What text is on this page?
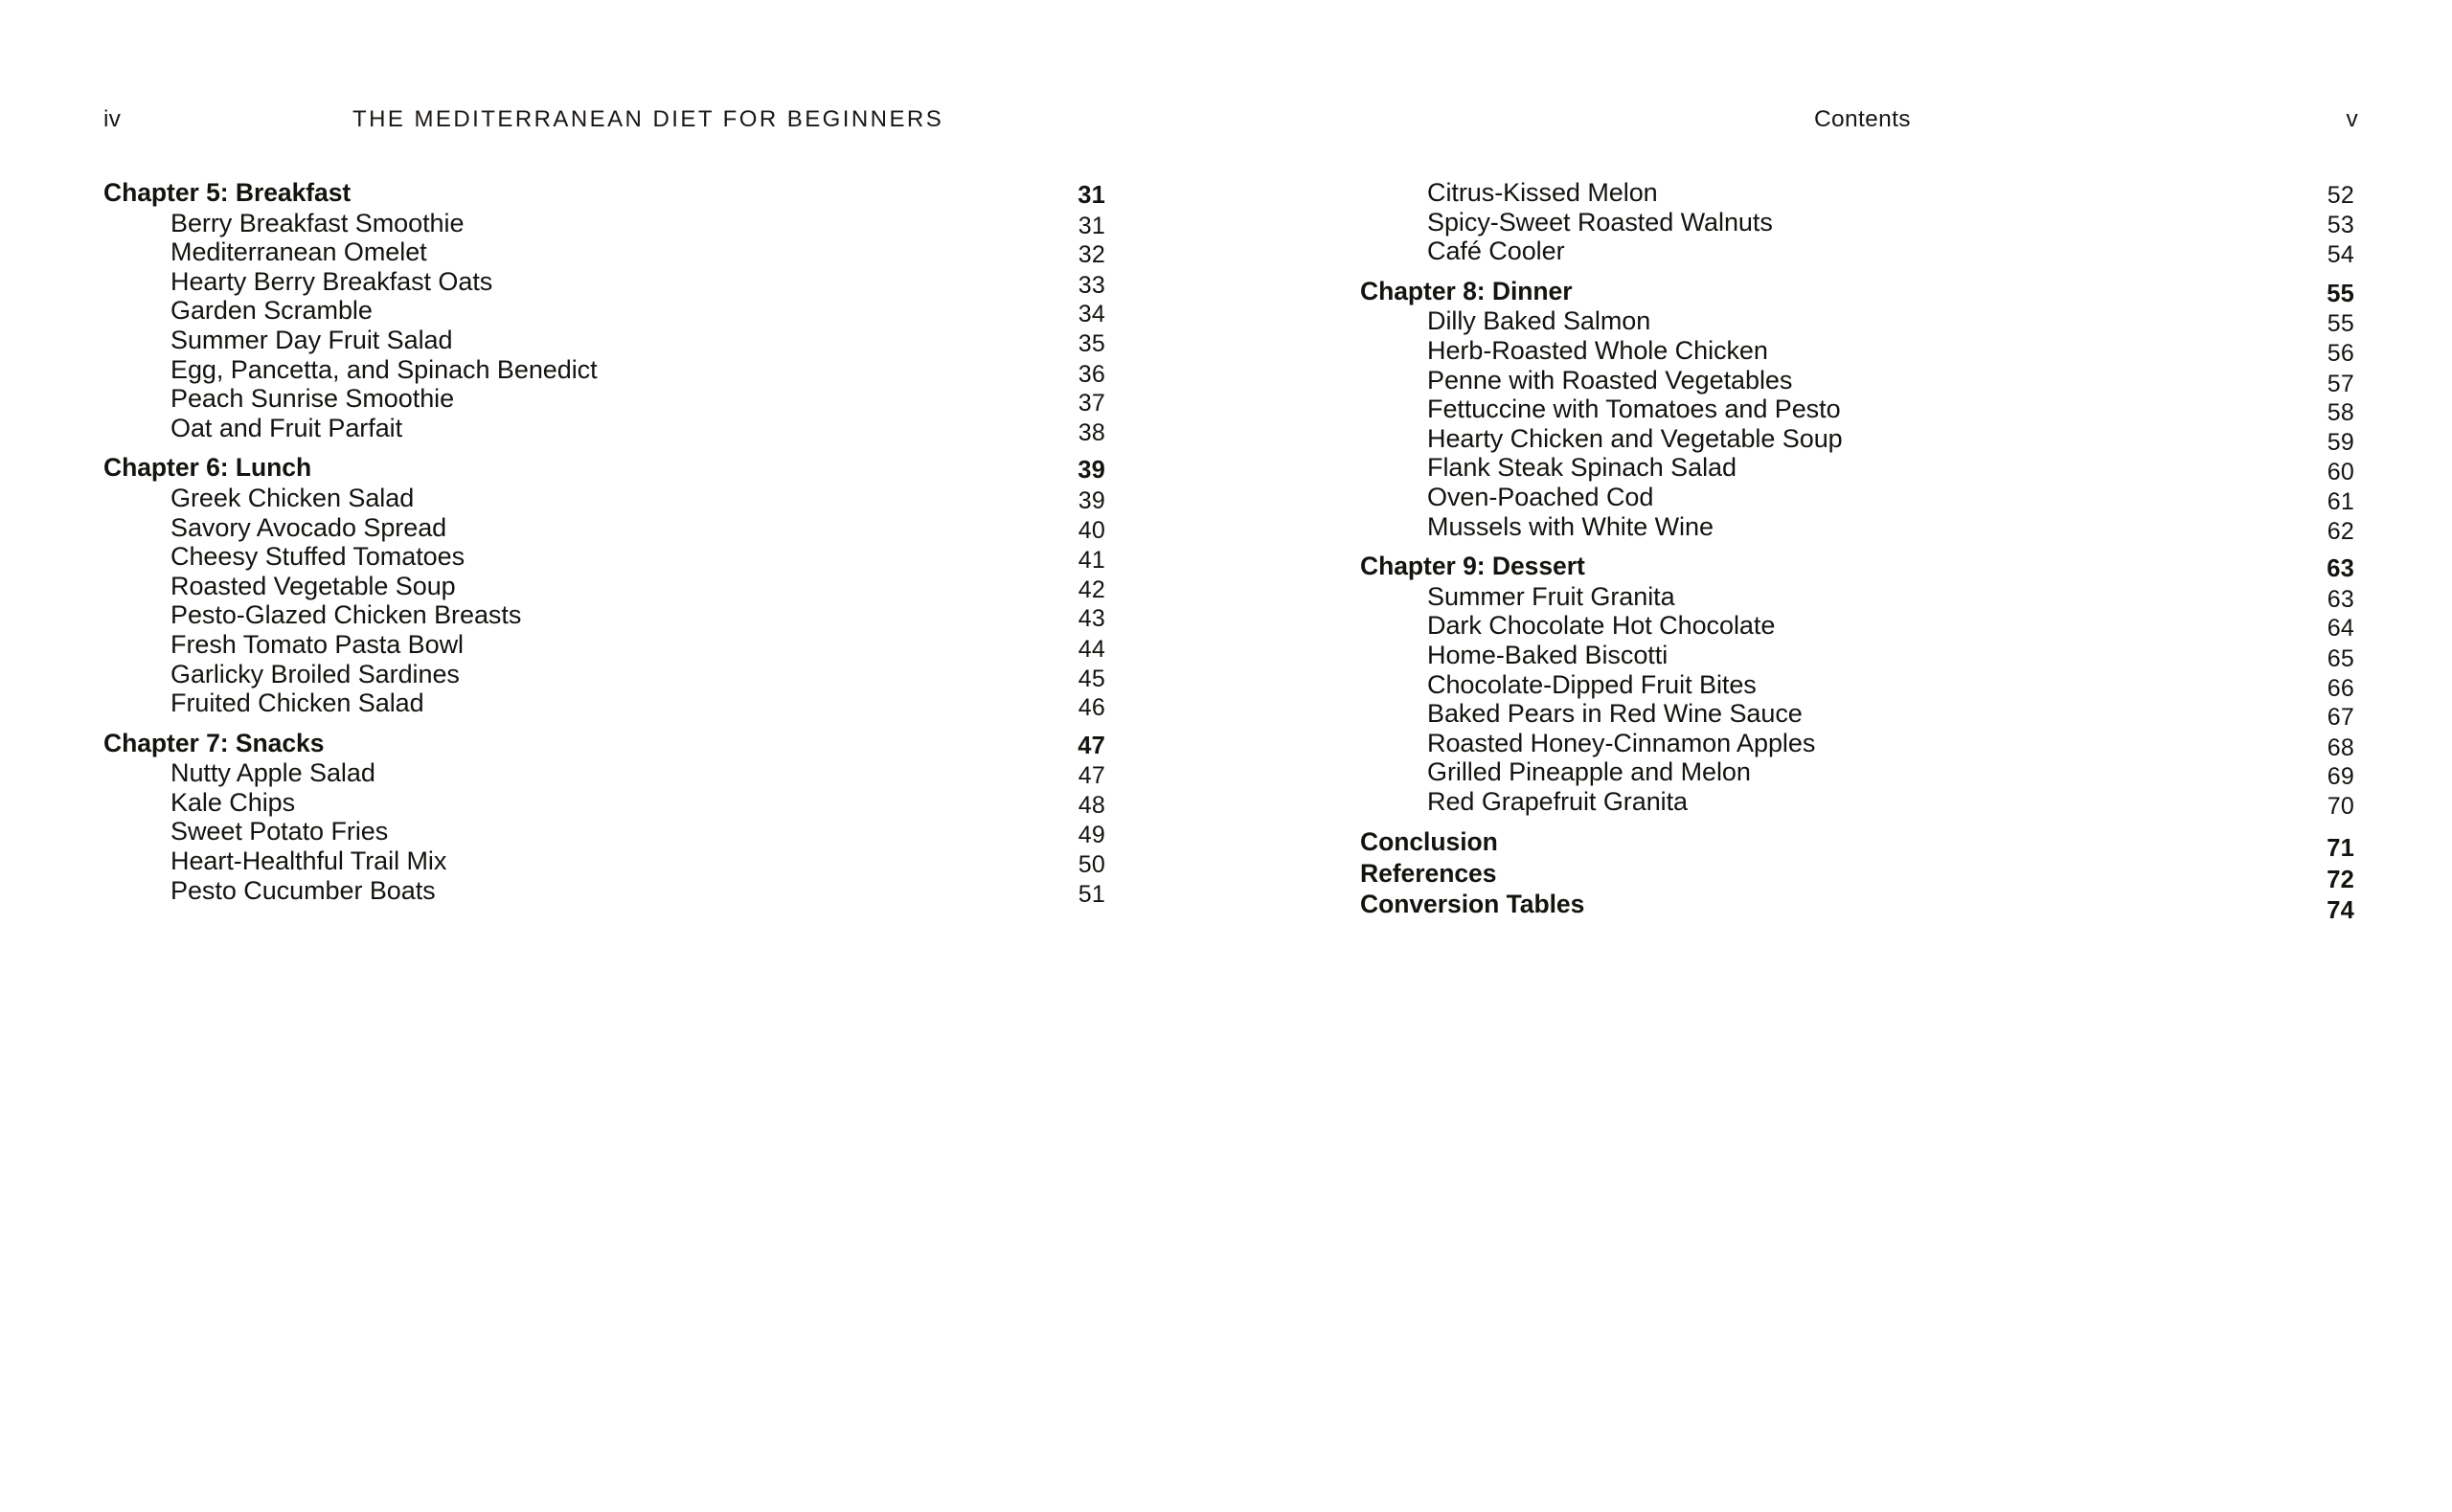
iv	THE MEDITERRANEAN DIET FOR BEGINNERS	Contents	v
Chapter 5: Breakfast	31
Berry Breakfast Smoothie	31
Mediterranean Omelet	32
Hearty Berry Breakfast Oats	33
Garden Scramble	34
Summer Day Fruit Salad	35
Egg, Pancetta, and Spinach Benedict	36
Peach Sunrise Smoothie	37
Oat and Fruit Parfait	38
Chapter 6: Lunch	39
Greek Chicken Salad	39
Savory Avocado Spread	40
Cheesy Stuffed Tomatoes	41
Roasted Vegetable Soup	42
Pesto-Glazed Chicken Breasts	43
Fresh Tomato Pasta Bowl	44
Garlicky Broiled Sardines	45
Fruited Chicken Salad	46
Chapter 7: Snacks	47
Nutty Apple Salad	47
Kale Chips	48
Sweet Potato Fries	49
Heart-Healthful Trail Mix	50
Pesto Cucumber Boats	51
Citrus-Kissed Melon	52
Spicy-Sweet Roasted Walnuts	53
Café Cooler	54
Chapter 8: Dinner	55
Dilly Baked Salmon	55
Herb-Roasted Whole Chicken	56
Penne with Roasted Vegetables	57
Fettuccine with Tomatoes and Pesto	58
Hearty Chicken and Vegetable Soup	59
Flank Steak Spinach Salad	60
Oven-Poached Cod	61
Mussels with White Wine	62
Chapter 9: Dessert	63
Summer Fruit Granita	63
Dark Chocolate Hot Chocolate	64
Home-Baked Biscotti	65
Chocolate-Dipped Fruit Bites	66
Baked Pears in Red Wine Sauce	67
Roasted Honey-Cinnamon Apples	68
Grilled Pineapple and Melon	69
Red Grapefruit Granita	70
Conclusion	71
References	72
Conversion Tables	74
